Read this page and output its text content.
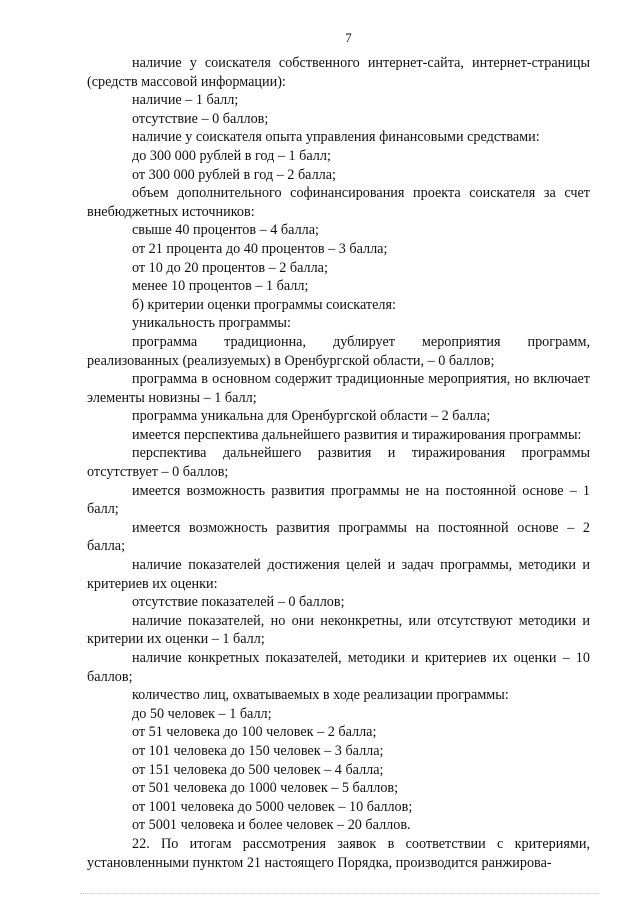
7

наличие у соискателя собственного интернет-сайта, интернет-страницы (средств массовой информации):

наличие – 1 балл;

отсутствие – 0 баллов;

наличие у соискателя опыта управления финансовыми средствами:

до 300 000 рублей в год – 1 балл;

от 300 000 рублей в год – 2 балла;

объем дополнительного софинансирования проекта соискателя за счет внебюджетных источников:

свыше 40 процентов – 4 балла;

от 21 процента до 40 процентов – 3 балла;

от 10 до 20 процентов – 2 балла;

менее 10 процентов – 1 балл;

б) критерии оценки программы соискателя:

уникальность программы:

программа традиционна, дублирует мероприятия программ, реализованных (реализуемых) в Оренбургской области, – 0 баллов;

программа в основном содержит традиционные мероприятия, но включает элементы новизны – 1 балл;

программа уникальна для Оренбургской области – 2 балла;

имеется перспектива дальнейшего развития и тиражирования программы:

перспектива дальнейшего развития и тиражирования программы отсутствует – 0 баллов;

имеется возможность развития программы не на постоянной основе – 1 балл;

имеется возможность развития программы на постоянной основе – 2 балла;

наличие показателей достижения целей и задач программы, методики и критериев их оценки:

отсутствие показателей – 0 баллов;

наличие показателей, но они неконкретны, или отсутствуют методики и критерии их оценки – 1 балл;

наличие конкретных показателей, методики и критериев их оценки – 10 баллов;

количество лиц, охватываемых в ходе реализации программы:

до 50 человек – 1 балл;

от 51 человека до 100 человек – 2 балла;

от 101 человека до 150 человек – 3 балла;

от 151 человека до 500 человек – 4 балла;

от 501 человека до 1000 человек – 5 баллов;

от 1001 человека до 5000 человек – 10 баллов;

от 5001 человека и более человек – 20 баллов.

22. По итогам рассмотрения заявок в соответствии с критериями, установленными пунктом 21 настоящего Порядка, производится ранжирова-
